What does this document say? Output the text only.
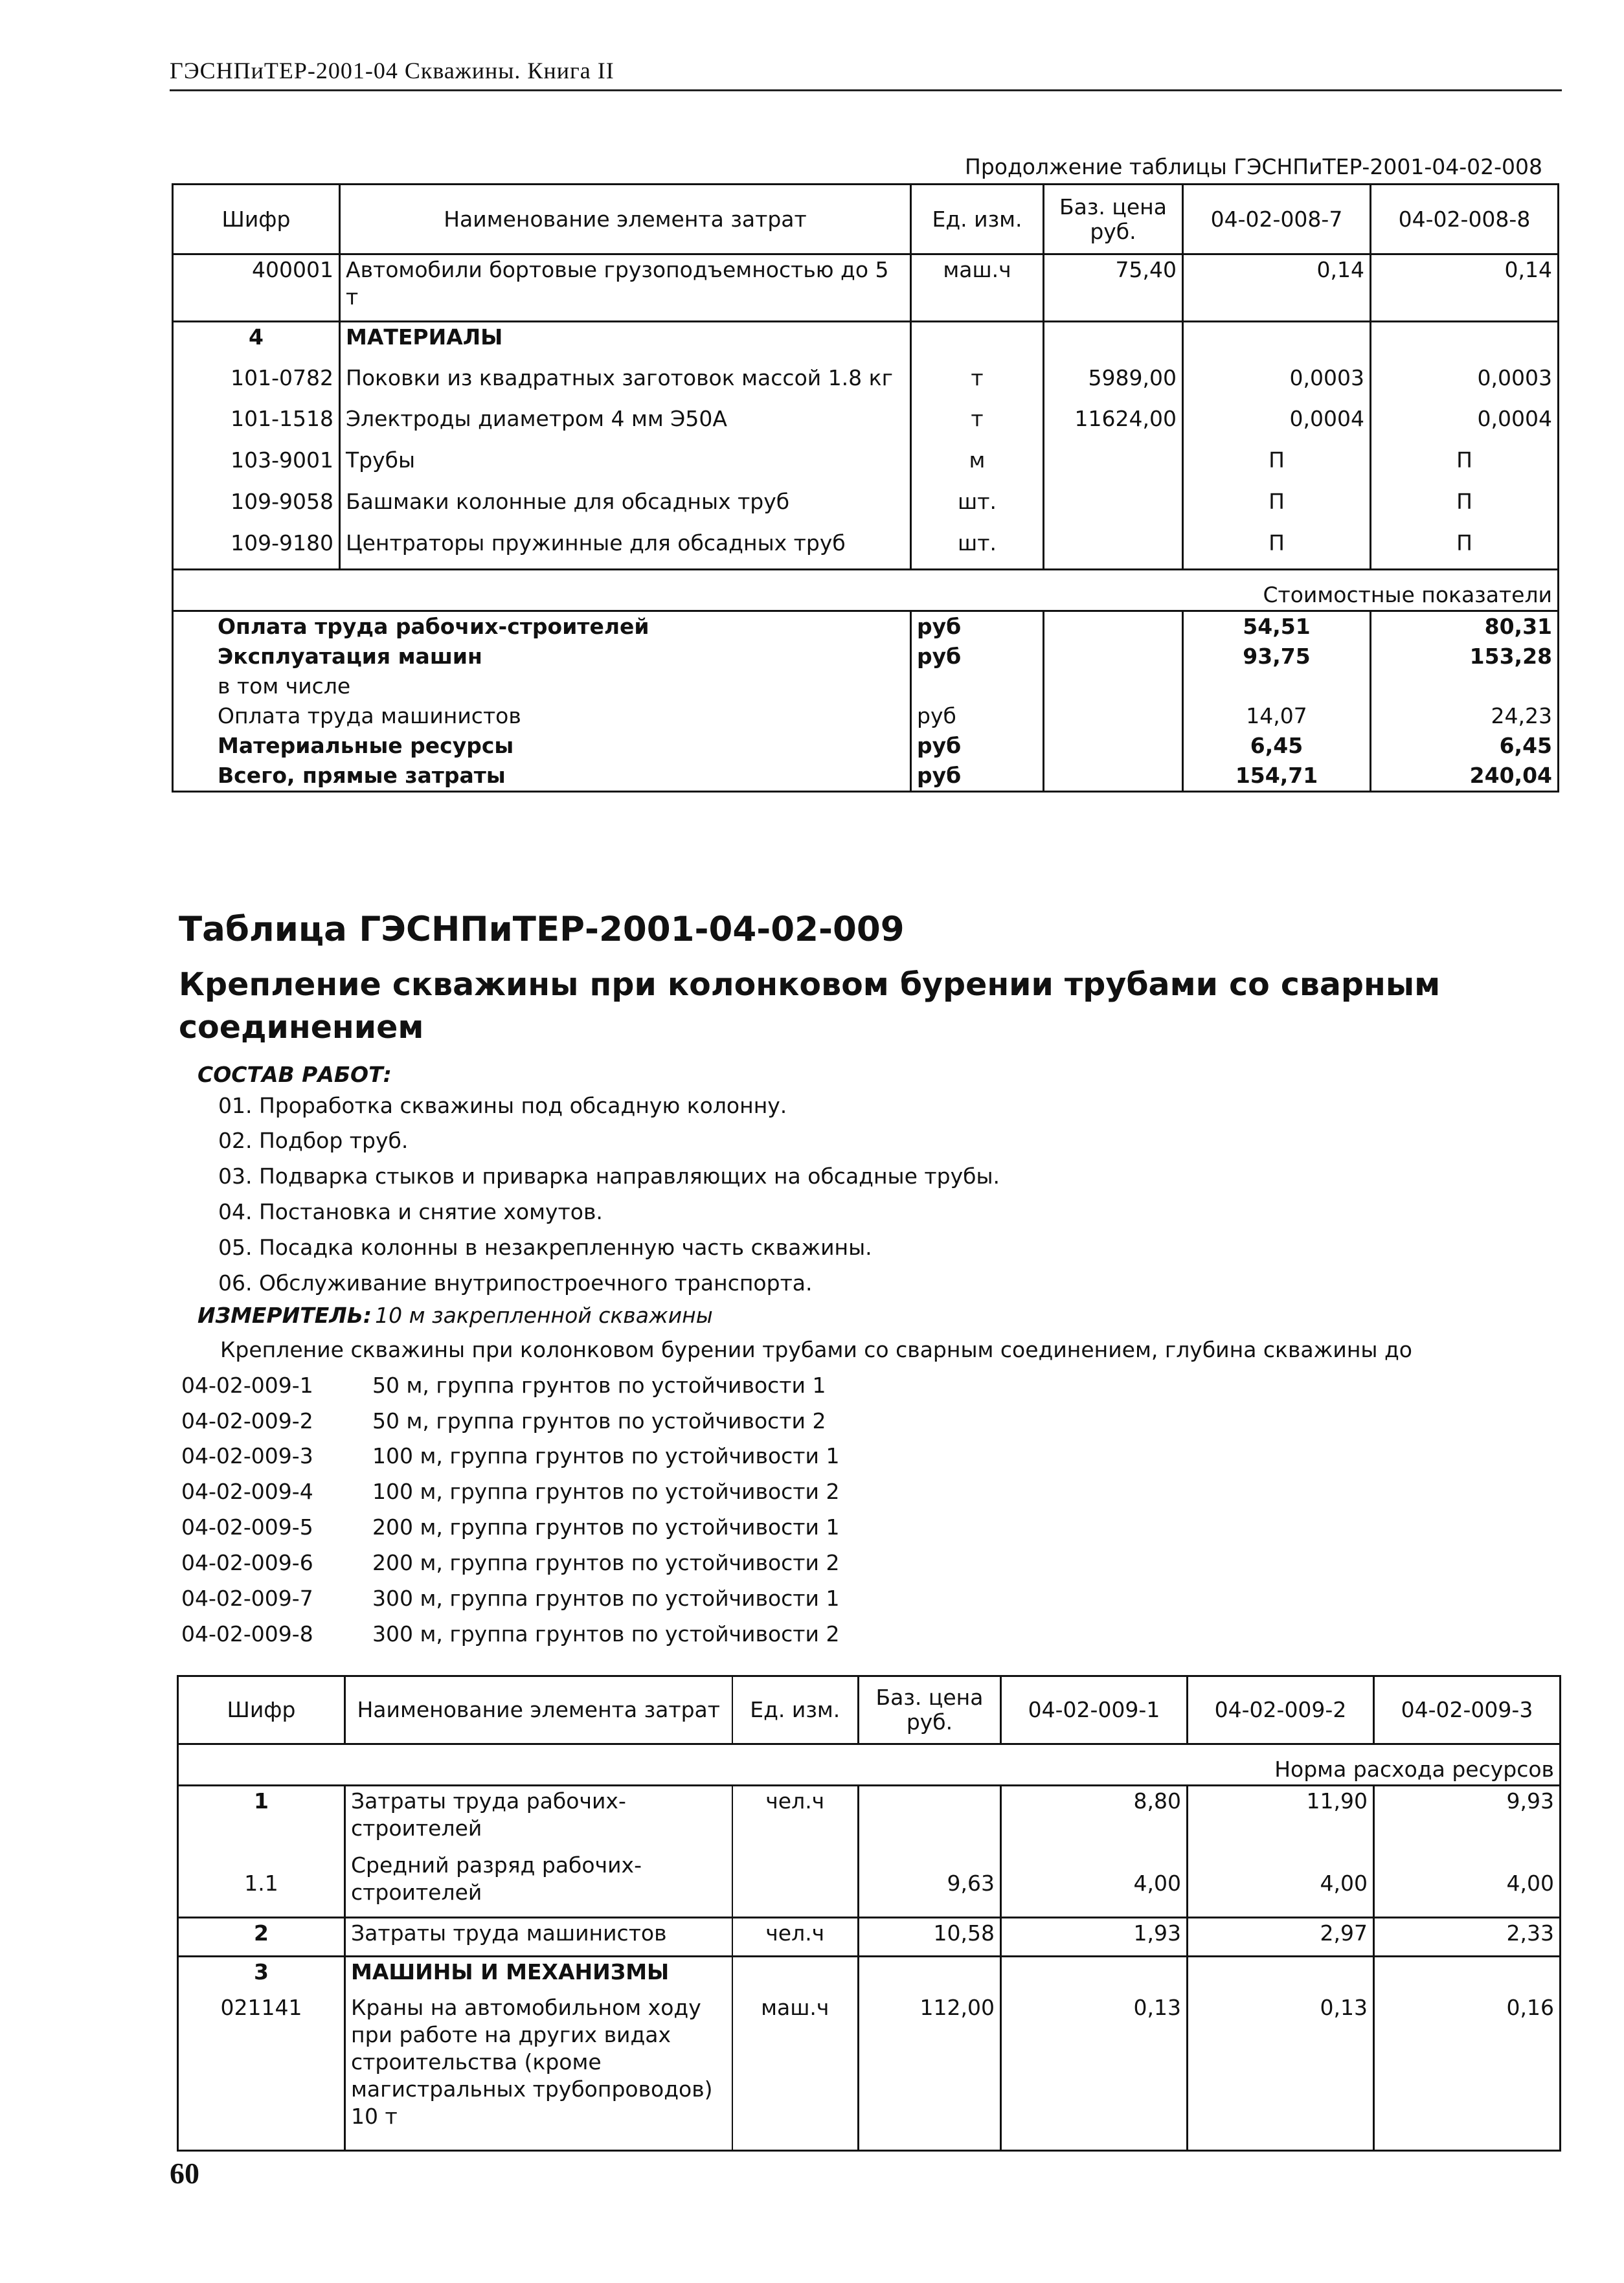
ГЭСНПиТЕР-2001-04 Скважины. Книга II
Продолжение таблицы ГЭСНПиТЕР-2001-04-02-008
Шифр	Наименование элемента затрат	Ед. изм.	Баз. цена руб.	04-02-008-7	04-02-008-8
400001	Автомобили бортовые грузоподъемностью до 5 т	маш.ч	75,40	0,14	0,14
4	МАТЕРИАЛЫ				
101-0782	Поковки из квадратных заготовок массой 1.8 кг	т	5989,00	0,0003	0,0003
101-1518	Электроды диаметром 4 мм Э50А	т	11624,00	0,0004	0,0004
103-9001	Трубы	м		П	П
109-9058	Башмаки колонные для обсадных труб	шт.		П	П
109-9180	Центраторы пружинные для обсадных труб	шт.		П	П
Стоимостные показатели					
Оплата труда рабочих-строителей		руб		54,51	80,31
Эксплуатация машин		руб		93,75	153,28
в том числе					
Оплата труда машинистов		руб		14,07	24,23
Материальные ресурсы		руб		6,45	6,45
Всего, прямые затраты		руб		154,71	240,04
Таблица ГЭСНПиТЕР-2001-04-02-009
Крепление скважины при колонковом бурении трубами со сварным соединением
СОСТАВ РАБОТ:
01. Проработка скважины под обсадную колонну.
02. Подбор труб.
03. Подварка стыков и приварка направляющих на обсадные трубы.
04. Постановка и снятие хомутов.
05. Посадка колонны в незакрепленную часть скважины.
06. Обслуживание внутрипостроечного транспорта.
ИЗМЕРИТЕЛЬ: 10 м закрепленной скважины
Крепление скважины при колонковом бурении трубами со сварным соединением, глубина скважины до
04-02-009-1	50 м, группа грунтов по устойчивости 1
04-02-009-2	50 м, группа грунтов по устойчивости 2
04-02-009-3	100 м, группа грунтов по устойчивости 1
04-02-009-4	100 м, группа грунтов по устойчивости 2
04-02-009-5	200 м, группа грунтов по устойчивости 1
04-02-009-6	200 м, группа грунтов по устойчивости 2
04-02-009-7	300 м, группа грунтов по устойчивости 1
04-02-009-8	300 м, группа грунтов по устойчивости 2
Шифр	Наименование элемента затрат	Ед. изм.	Баз. цена руб.	04-02-009-1	04-02-009-2	04-02-009-3
Норма расхода ресурсов						
1	Затраты труда рабочих-строителей	чел.ч		8,80	11,90	9,93
1.1	Средний разряд рабочих-строителей		9,63	4,00	4,00	4,00
2	Затраты труда машинистов	чел.ч	10,58	1,93	2,97	2,33
3	МАШИНЫ И МЕХАНИЗМЫ					
021141	Краны на автомобильном ходу при работе на других видах строительства (кроме магистральных трубопроводов) 10 т	маш.ч	112,00	0,13	0,13	0,16
60
